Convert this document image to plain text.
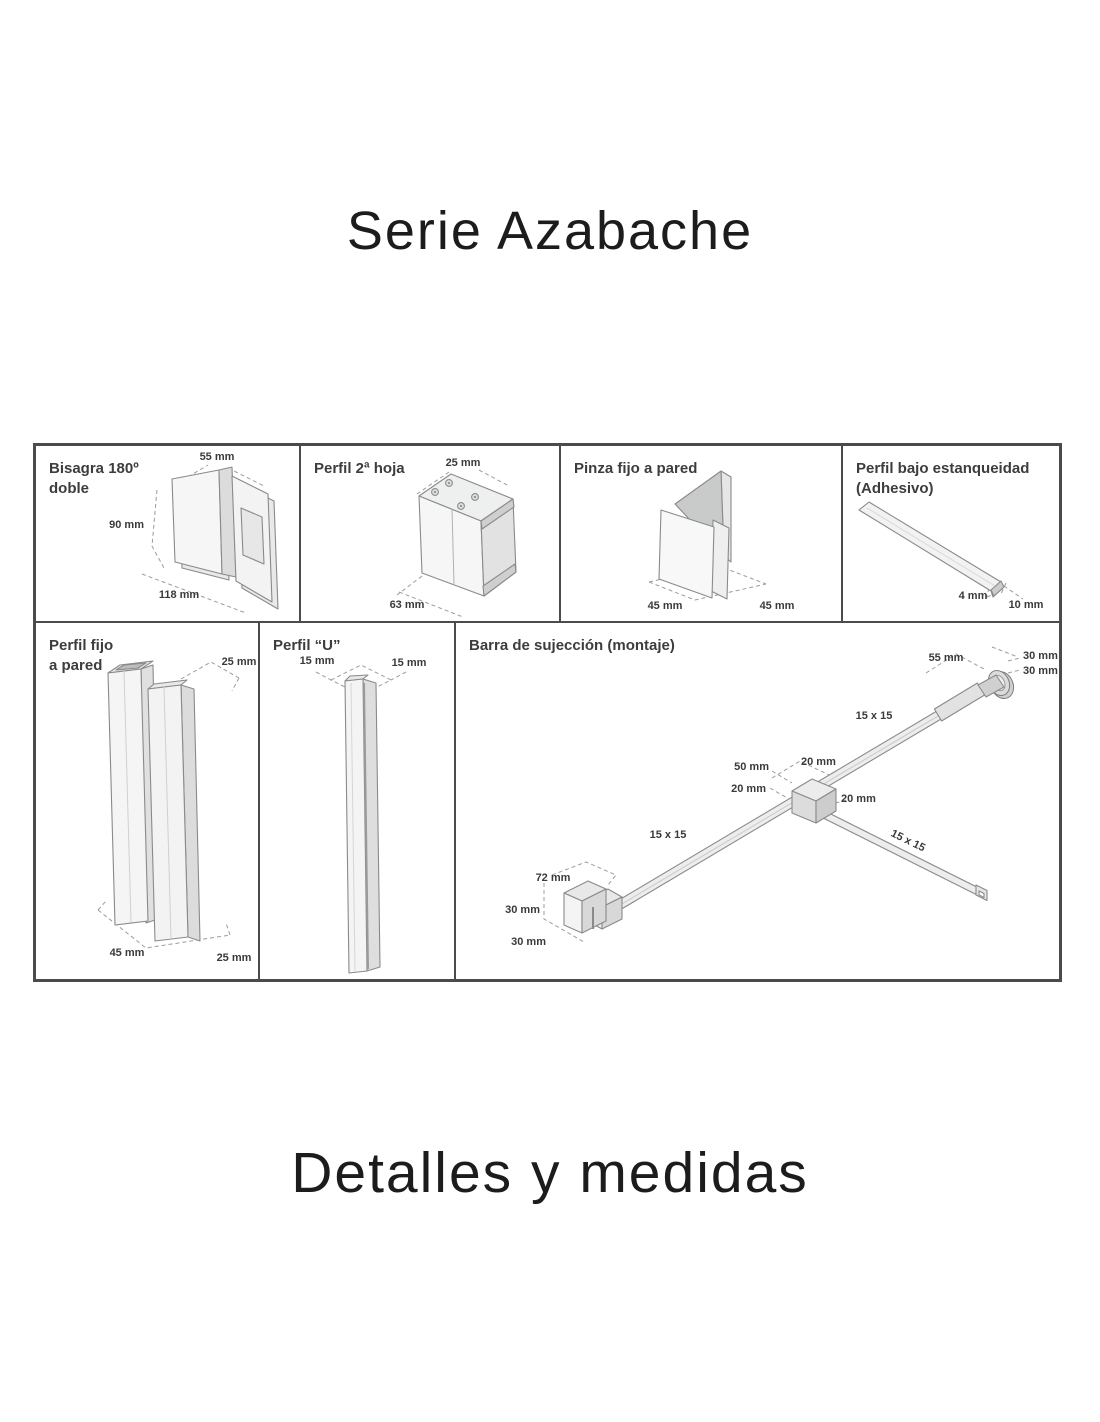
Serie Azabache
Bisagra 180º
doble
55 mm
90 mm
118 mm
Perfil 2ª hoja	25 mm
63 mm
Pinza fijo a pared
45 mm	45 mm
Perfil bajo estanqueidad
(Adhesivo)
4 mm
10 mm
Perfil fijo
a pared	25 mm
45 mm	25 mm
Perfil “U”
15 mm	15 mm
Barra de sujección (montaje)
55 mm	30 mm
30 mm
15 x 15
50 mm	20 mm
20 mm
20 mm
15 x 15	15 x 15
72 mm
30 mm
30 mm
Detalles y medidas
